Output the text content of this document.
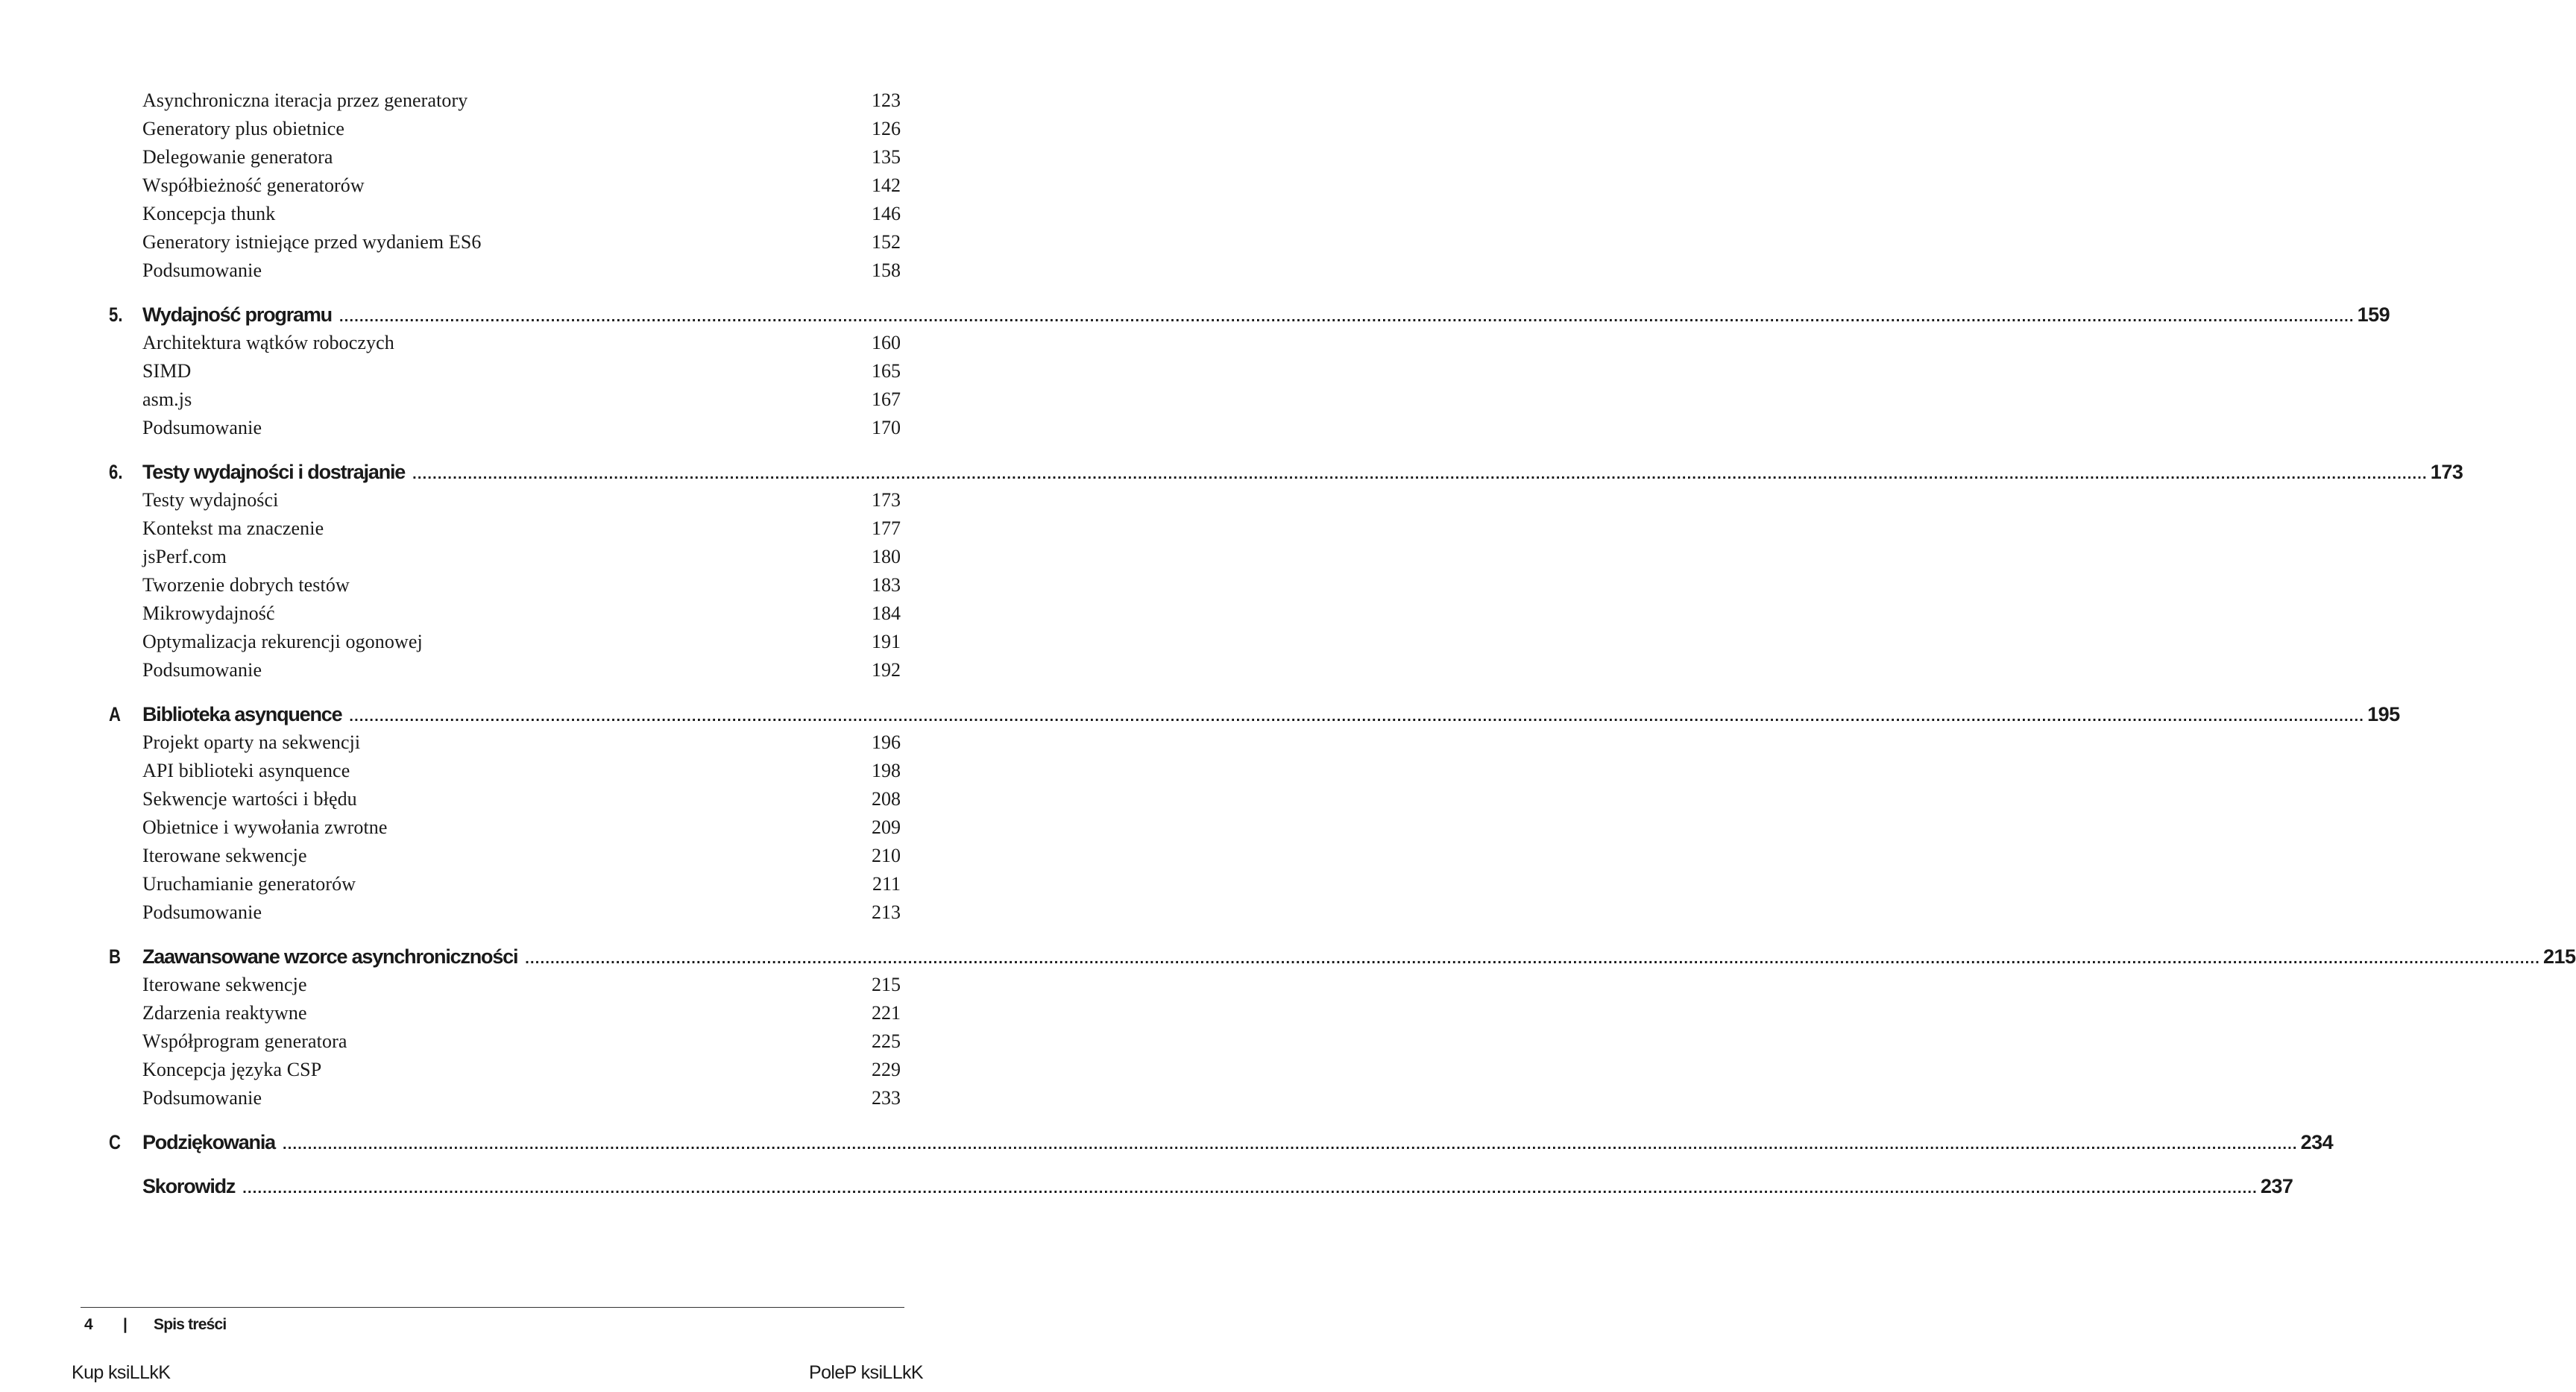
Asynchroniczna iteracja przez generatory	123
Generatory plus obietnice	126
Delegowanie generatora	135
Współbieżność generatorów	142
Koncepcja thunk	146
Generatory istniejące przed wydaniem ES6	152
Podsumowanie	158
5. Wydajność programu ................................................................................................................................................................................................................................................................................................................................................................................................................ 159
Architektura wątków roboczych	160
SIMD	165
asm.js	167
Podsumowanie	170
6. Testy wydajności i dostrajanie ................................................................................................................................................................................................................................................................................................................................................................................................................ 173
Testy wydajności	173
Kontekst ma znaczenie	177
jsPerf.com	180
Tworzenie dobrych testów	183
Mikrowydajność	184
Optymalizacja rekurencji ogonowej	191
Podsumowanie	192
A Biblioteka asynquence ................................................................................................................................................................................................................................................................................................................................................................................................................ 195
Projekt oparty na sekwencji	196
API biblioteki asynquence	198
Sekwencje wartości i błędu	208
Obietnice i wywołania zwrotne	209
Iterowane sekwencje	210
Uruchamianie generatorów	211
Podsumowanie	213
B Zaawansowane wzorce asynchroniczności ................................................................................................................................................................................................................................................................................................................................................................................................................ 215
Iterowane sekwencje	215
Zdarzenia reaktywne	221
Współprogram generatora	225
Koncepcja języka CSP	229
Podsumowanie	233
C Podziękowania ................................................................................................................................................................................................................................................................................................................................................................................................................ 234
Skorowidz ................................................................................................................................................................................................................................................................................................................................................................................................................ 237
4 | Spis treści
Kup ksiLLkK	PoleP ksiLLkK
